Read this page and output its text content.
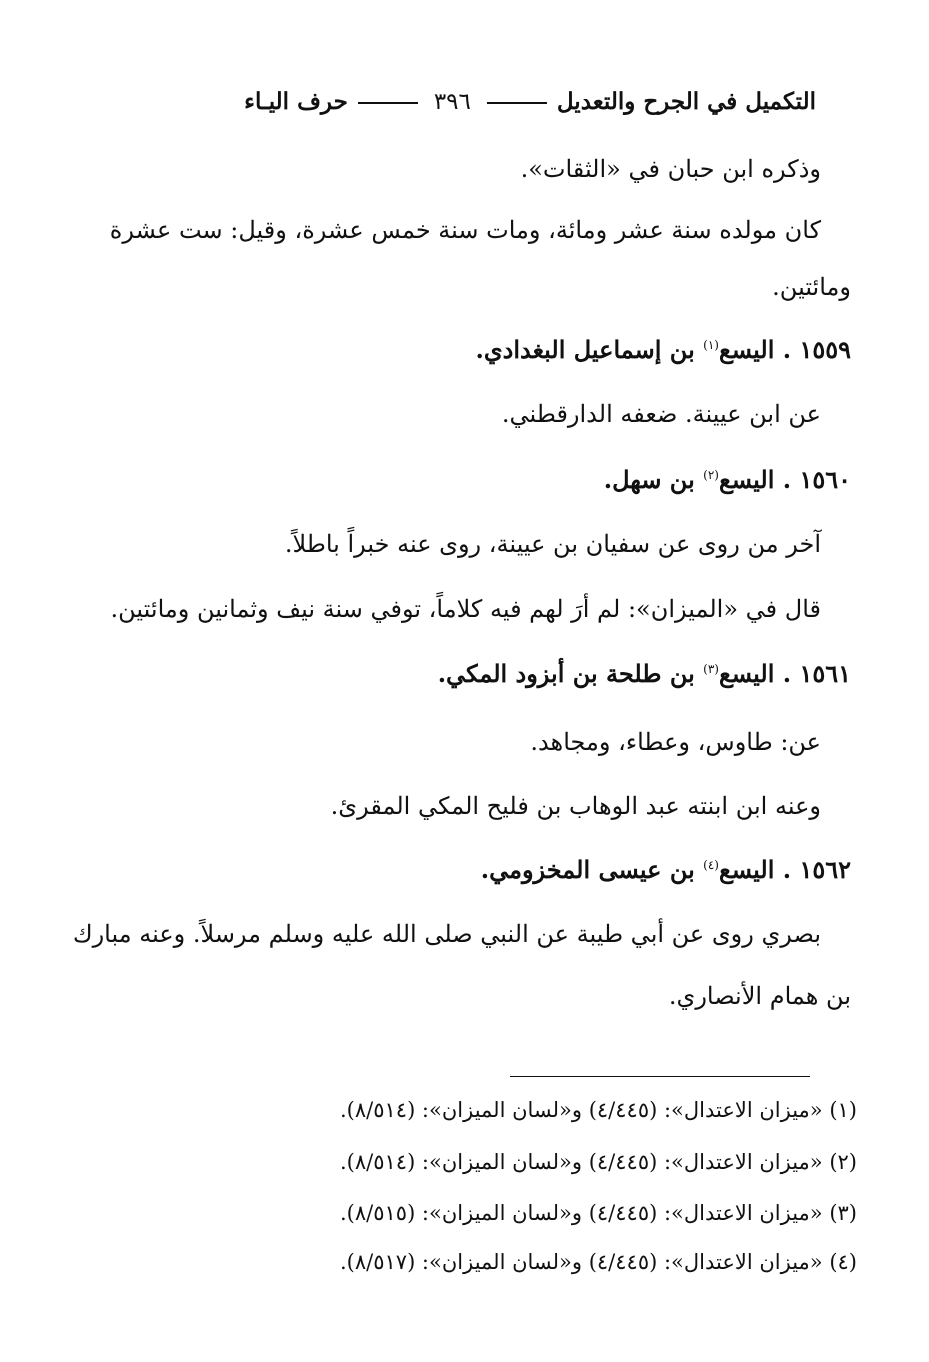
التكميل في الجرح والتعديل٣٩٦حرف اليـاء
وذكره ابن حبان في «الثقات».
كان مولده سنة عشر ومائة، ومات سنة خمس عشرة، وقيل: ست عشرة
ومائتين.
١٥٥٩ . اليسع$^{(١)}$ بن إسماعيل البغدادي.
عن ابن عيينة. ضعفه الدارقطني.
١٥٦٠ . اليسع$^{(٢)}$ بن سهل.
آخر من روى عن سفيان بن عيينة، روى عنه خبراً باطلاً.
قال في «الميزان»: لم أرَ لهم فيه كلاماً، توفي سنة نيف وثمانين ومائتين.
١٥٦١ . اليسع$^{(٣)}$ بن طلحة بن أبزود المكي.
عن: طاوس، وعطاء، ومجاهد.
وعنه ابن ابنته عبد الوهاب بن فليح المكي المقرئ.
١٥٦٢ . اليسع$^{(٤)}$ بن عيسى المخزومي.
بصري روى عن أبي طيبة عن النبي صلى الله عليه وسلم مرسلاً. وعنه مبارك
بن همام الأنصاري.
(١) «ميزان الاعتدال»: (٤/٤٤٥) و«لسان الميزان»: (٨/٥١٤).
(٢) «ميزان الاعتدال»: (٤/٤٤٥) و«لسان الميزان»: (٨/٥١٤).
(٣) «ميزان الاعتدال»: (٤/٤٤٥) و«لسان الميزان»: (٨/٥١٥).
(٤) «ميزان الاعتدال»: (٤/٤٤٥) و«لسان الميزان»: (٨/٥١٧).
